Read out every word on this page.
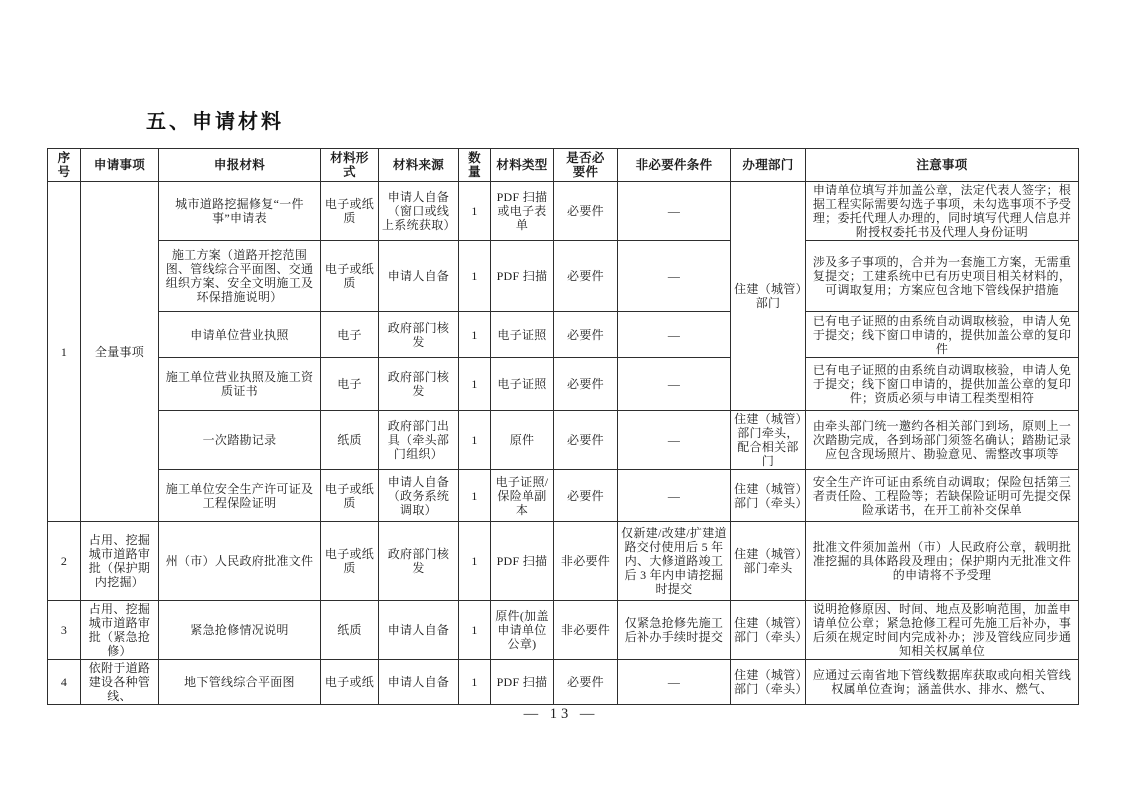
五、申请材料
序号	申请事项	申报材料	材料形式	材料来源	数量	材料类型	是否必要件	非必要件条件	办理部门	注意事项
1	全量事项	城市道路挖掘修复“一件事”申请表	电子或纸质	申请人自备（窗口或线上系统获取）	1	PDF 扫描或电子表单	必要件	—	住建（城管）部门	申请单位填写并加盖公章，法定代表人签字；根据工程实际需要勾选子事项，未勾选事项不予受理；委托代理人办理的，同时填写代理人信息并附授权委托书及代理人身份证明
		施工方案（道路开挖范围图、管线综合平面图、交通组织方案、安全文明施工及环保措施说明）	电子或纸质	申请人自备	1	PDF 扫描	必要件	—		涉及多子事项的，合并为一套施工方案，无需重复提交；工建系统中已有历史项目相关材料的，可调取复用；方案应包含地下管线保护措施
		申请单位营业执照	电子	政府部门核发	1	电子证照	必要件	—		已有电子证照的由系统自动调取核验，申请人免于提交；线下窗口申请的，提供加盖公章的复印件
		施工单位营业执照及施工资质证书	电子	政府部门核发	1	电子证照	必要件	—		已有电子证照的由系统自动调取核验，申请人免于提交；线下窗口申请的，提供加盖公章的复印件；资质必须与申请工程类型相符
		一次踏勘记录	纸质	政府部门出具（牵头部门组织）	1	原件	必要件	—	住建（城管）部门牵头，配合相关部门	由牵头部门统一邀约各相关部门到场，原则上一次踏勘完成，各到场部门须签名确认；踏勘记录应包含现场照片、勘验意见、需整改事项等
		施工单位安全生产许可证及工程保险证明	电子或纸质	申请人自备（政务系统调取）	1	电子证照/保险单副本	必要件	—	住建（城管）部门（牵头）	安全生产许可证由系统自动调取；保险包括第三者责任险、工程险等；若缺保险证明可先提交保险承诺书，在开工前补交保单
2	占用、挖掘城市道路审批（保护期内挖掘）	州（市）人民政府批准文件	电子或纸质	政府部门核发	1	PDF 扫描	非必要件	仅新建/改建/扩建道路交付使用后 5 年内、大修道路竣工后 3 年内申请挖掘时提交	住建（城管）部门牵头	批准文件须加盖州（市）人民政府公章，载明批准挖掘的具体路段及理由；保护期内无批准文件的申请将不予受理
3	占用、挖掘城市道路审批（紧急抢修）	紧急抢修情况说明	纸质	申请人自备	1	原件(加盖申请单位公章)	非必要件	仅紧急抢修先施工后补办手续时提交	住建（城管）部门（牵头）	说明抢修原因、时间、地点及影响范围，加盖申请单位公章；紧急抢修工程可先施工后补办，事后须在规定时间内完成补办；涉及管线应同步通知相关权属单位
4	依附于道路建设各种管线、	地下管线综合平面图	电子或纸	申请人自备	1	PDF 扫描	必要件	—	住建（城管）部门（牵头）	应通过云南省地下管线数据库获取或向相关管线权属单位查询；涵盖供水、排水、燃气、
— 13 —
